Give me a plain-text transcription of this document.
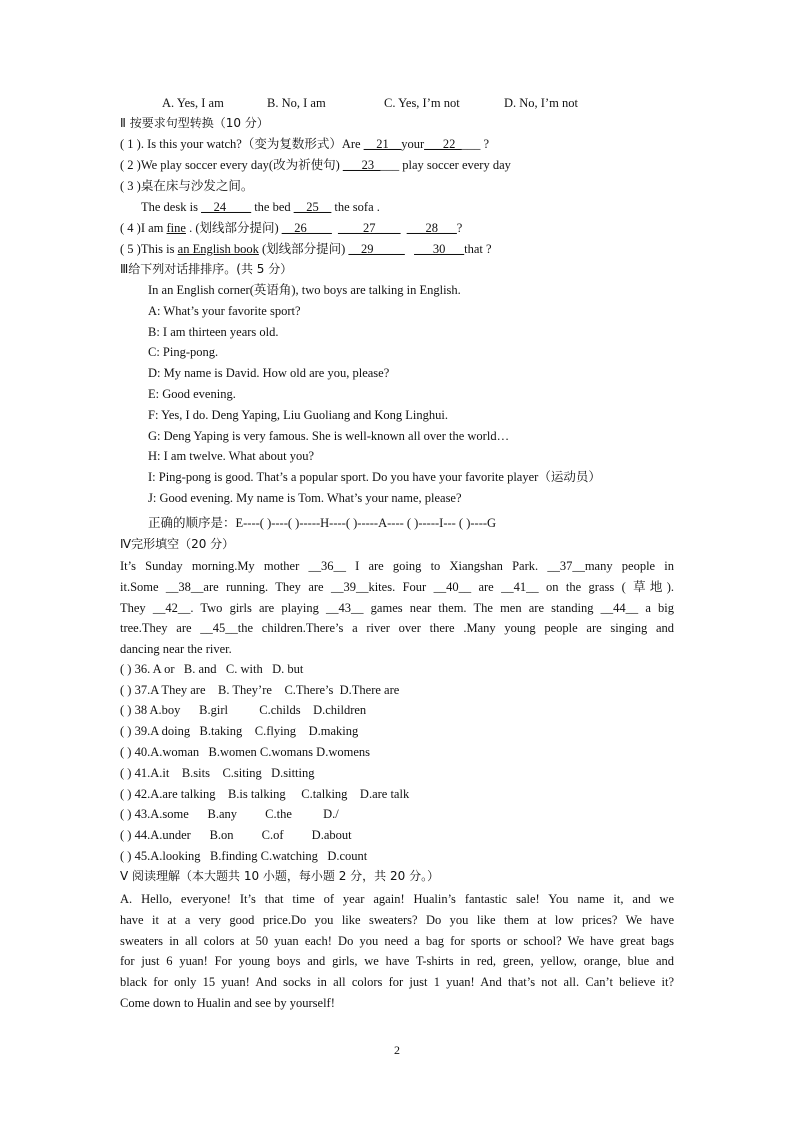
A. Yes, I am	B. No, I am	C. Yes, I’m not	D. No, I’m not
Ⅱ 按要求句型转换（10 分）
( 1 ). Is this your watch?（变为复数形式）Are __21__your___22____ ?
( 2 )We play soccer every day(改为祈使句) ___23____ play soccer every day
( 3 )桌在床与沙发之间。
The desk is __24____ the bed __25__ the sofa .
( 4 )I am fine . (划线部分提问) __26____ ____27____ ___28___?
( 5 )This is an English book (划线部分提问) __29_____ ___30___that ?
Ⅲ给下列对话排排序。(共 5 分）
In an English corner(英语角), two boys are talking in English.
A: What’s your favorite sport?
B: I am thirteen years old.
C: Ping-pong.
D: My name is David. How old are you, please?
E: Good evening.
F: Yes, I do. Deng Yaping, Liu Guoliang and Kong Linghui.
G: Deng Yaping is very famous. She is well-known all over the world…
H: I am twelve. What about you?
I: Ping-pong is good. That’s a popular sport. Do you have your favorite player（运动员）
J: Good evening. My name is Tom. What’s your name, please?
正确的顺序是：E----( )----( )-----H----( )-----A---- ( )-----I--- ( )----G
Ⅳ完形填空（20 分）
It’s Sunday morning.My mother __36__ I are going to Xiangshan Park. __37__many people in
it.Some __38__are running. They are __39__kites. Four __40__ are __41__ on the grass ( 草地).
They __42__. Two girls are playing __43__ games near them. The men are standing __44__ a big
tree.They are __45__the children.There’s a river over there .Many young people are singing and
dancing near the river.
( ) 36. A or B. and C. with D. but
( ) 37.A They are B. They’re C.There’s D.There are
( ) 38 A.boy B.girl	C.childs D.children
( ) 39.A doing B.taking C.flying D.making
( ) 40.A.woman B.women C.womans D.womens
( ) 41.A.it B.sits C.siting D.sitting
( ) 42.A.are talking B.is talking C.talking D.are talk
( ) 43.A.some B.any C.the	D./
( ) 44.A.under B.on C.of D.about
( ) 45.A.looking B.finding C.watching D.count
Ⅴ 阅读理解（本大题共 10 小题，每小题 2 分，共 20 分。）
A. Hello, everyone! It’s that time of year again! Hualin’s fantastic sale! You name it, and we
have it at a very good price.Do you like sweaters? Do you like them at low prices? We have
sweaters in all colors at 50 yuan each! Do you need a bag for sports or school? We have great bags
for just 6 yuan! For young boys and girls, we have T-shirts in red, green, yellow, orange, blue and
black for only 15 yuan! And socks in all colors for just 1 yuan! And that’s not all. Can’t believe it?
Come down to Hualin and see by yourself!
2
